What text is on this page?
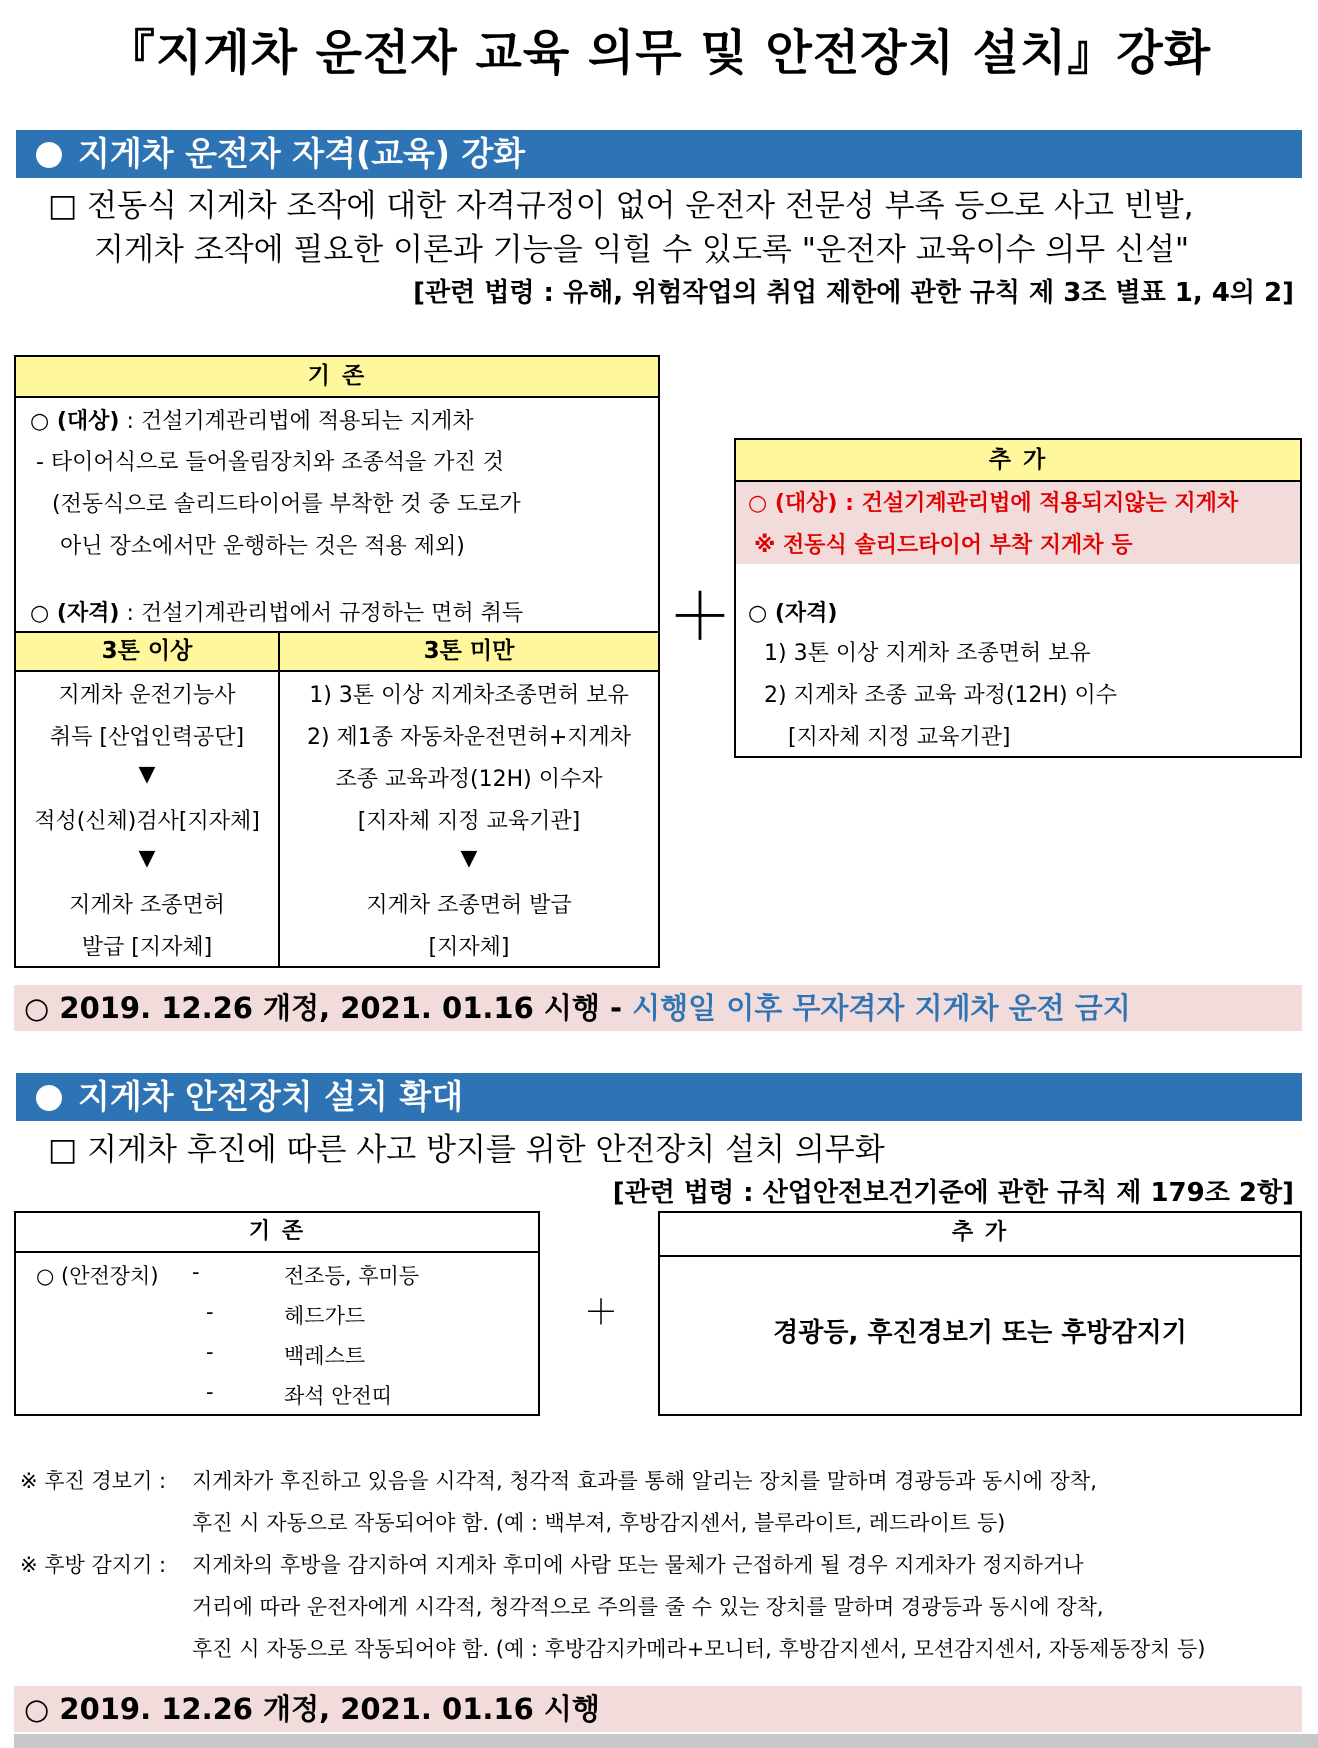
『지게차 운전자 교육 의무 및 안전장치 설치』강화
지게차 운전자 자격(교육) 강화
□ 전동식 지게차 조작에 대한 자격규정이 없어 운전자 전문성 부족 등으로 사고 빈발,
지게차 조작에 필요한 이론과 기능을 익힐 수 있도록 "운전자 교육이수 의무 신설"
[관련 법령 : 유해, 위험작업의 취업 제한에 관한 규칙 제 3조 별표 1, 4의 2]
기 존
○ (대상) : 건설기계관리법에 적용되는 지게차
- 타이어식으로 들어올림장치와 조종석을 가진 것
(전동식으로 솔리드타이어를 부착한 것 중 도로가
아닌 장소에서만 운행하는 것은 적용 제외)
○ (자격) : 건설기계관리법에서 규정하는 면허 취득
3톤 이상	3톤 미만
지게차 운전기능사
취득 [산업인력공단]
▼
적성(신체)검사[지자체]
▼
지게차 조종면허
발급 [지자체]
1) 3톤 이상 지게차조종면허 보유
2) 제1종 자동차운전면허+지게차
조종 교육과정(12H) 이수자
[지자체 지정 교육기관]
▼
지게차 조종면허 발급
[지자체]
＋
추 가
○ (대상) : 건설기계관리법에 적용되지않는 지게차
※ 전동식 솔리드타이어 부착 지게차 등
○ (자격)
1) 3톤 이상 지게차 조종면허 보유
2) 지게차 조종 교육 과정(12H) 이수
[지자체 지정 교육기관]
○ 2019. 12.26 개정, 2021. 01.16 시행 - 시행일 이후 무자격자 지게차 운전 금지
지게차 안전장치 설치 확대
□ 지게차 후진에 따른 사고 방지를 위한 안전장치 설치 의무화
[관련 법령 : 산업안전보건기준에 관한 규칙 제 179조 2항]
기 존
○ (안전장치) -
-
-
-
전조등, 후미등
헤드가드
백레스트
좌석 안전띠
＋
추 가
경광등, 후진경보기 또는 후방감지기
※ 후진 경보기 : 지게차가 후진하고 있음을 시각적, 청각적 효과를 통해 알리는 장치를 말하며 경광등과 동시에 장착,
후진 시 자동으로 작동되어야 함. (예 : 백부져, 후방감지센서, 블루라이트, 레드라이트 등)
※ 후방 감지기 : 지게차의 후방을 감지하여 지게차 후미에 사람 또는 물체가 근접하게 될 경우 지게차가 정지하거나
거리에 따라 운전자에게 시각적, 청각적으로 주의를 줄 수 있는 장치를 말하며 경광등과 동시에 장착,
후진 시 자동으로 작동되어야 함. (예 : 후방감지카메라+모니터, 후방감지센서, 모션감지센서, 자동제동장치 등)
○ 2019. 12.26 개정, 2021. 01.16 시행
